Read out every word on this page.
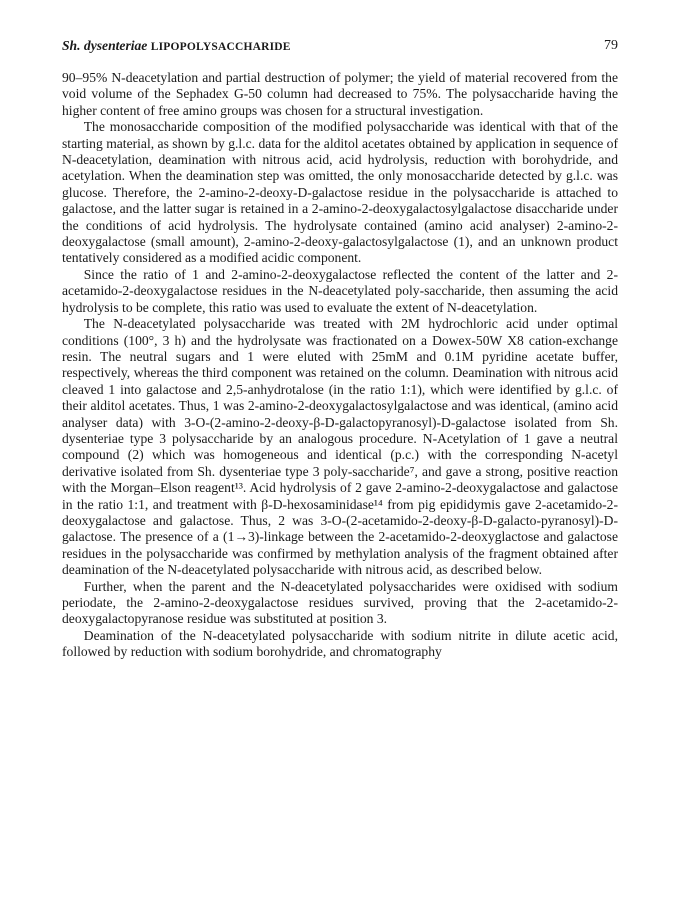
Sh. dysenteriae LIPOPOLYSACCHARIDE	79

90–95% N-deacetylation and partial destruction of polymer; the yield of material recovered from the void volume of the Sephadex G-50 column had decreased to 75%. The polysaccharide having the higher content of free amino groups was chosen for a structural investigation.

The monosaccharide composition of the modified polysaccharide was identical with that of the starting material, as shown by g.l.c. data for the alditol acetates obtained by application in sequence of N-deacetylation, deamination with nitrous acid, acid hydrolysis, reduction with borohydride, and acetylation. When the deamination step was omitted, the only monosaccharide detected by g.l.c. was glucose. Therefore, the 2-amino-2-deoxy-D-galactose residue in the polysaccharide is attached to galactose, and the latter sugar is retained in a 2-amino-2-deoxygalactosylgalactose disaccharide under the conditions of acid hydrolysis. The hydrolysate contained (amino acid analyser) 2-amino-2-deoxygalactose (small amount), 2-amino-2-deoxy-galactosylgalactose (1), and an unknown product tentatively considered as a modified acidic component.

Since the ratio of 1 and 2-amino-2-deoxygalactose reflected the content of the latter and 2-acetamido-2-deoxygalactose residues in the N-deacetylated poly-saccharide, then assuming the acid hydrolysis to be complete, this ratio was used to evaluate the extent of N-deacetylation.

The N-deacetylated polysaccharide was treated with 2M hydrochloric acid under optimal conditions (100°, 3 h) and the hydrolysate was fractionated on a Dowex-50W X8 cation-exchange resin. The neutral sugars and 1 were eluted with 25mM and 0.1M pyridine acetate buffer, respectively, whereas the third component was retained on the column. Deamination with nitrous acid cleaved 1 into galactose and 2,5-anhydrotalose (in the ratio 1:1), which were identified by g.l.c. of their alditol acetates. Thus, 1 was 2-amino-2-deoxygalactosylgalactose and was identical, (amino acid analyser data) with 3-O-(2-amino-2-deoxy-β-D-galactopyranosyl)-D-galactose isolated from Sh. dysenteriae type 3 polysaccharide by an analogous procedure. N-Acetylation of 1 gave a neutral compound (2) which was homogeneous and identical (p.c.) with the corresponding N-acetyl derivative isolated from Sh. dysenteriae type 3 poly-saccharide⁷, and gave a strong, positive reaction with the Morgan–Elson reagent¹³. Acid hydrolysis of 2 gave 2-amino-2-deoxygalactose and galactose in the ratio 1:1, and treatment with β-D-hexosaminidase¹⁴ from pig epididymis gave 2-acetamido-2-deoxygalactose and galactose. Thus, 2 was 3-O-(2-acetamido-2-deoxy-β-D-galacto-pyranosyl)-D-galactose. The presence of a (1→3)-linkage between the 2-acetamido-2-deoxyglactose and galactose residues in the polysaccharide was confirmed by methylation analysis of the fragment obtained after deamination of the N-deacetylated polysaccharide with nitrous acid, as described below.

Further, when the parent and the N-deacetylated polysaccharides were oxidised with sodium periodate, the 2-amino-2-deoxygalactose residues survived, proving that the 2-acetamido-2-deoxygalactopyranose residue was substituted at position 3.

Deamination of the N-deacetylated polysaccharide with sodium nitrite in dilute acetic acid, followed by reduction with sodium borohydride, and chromatography
